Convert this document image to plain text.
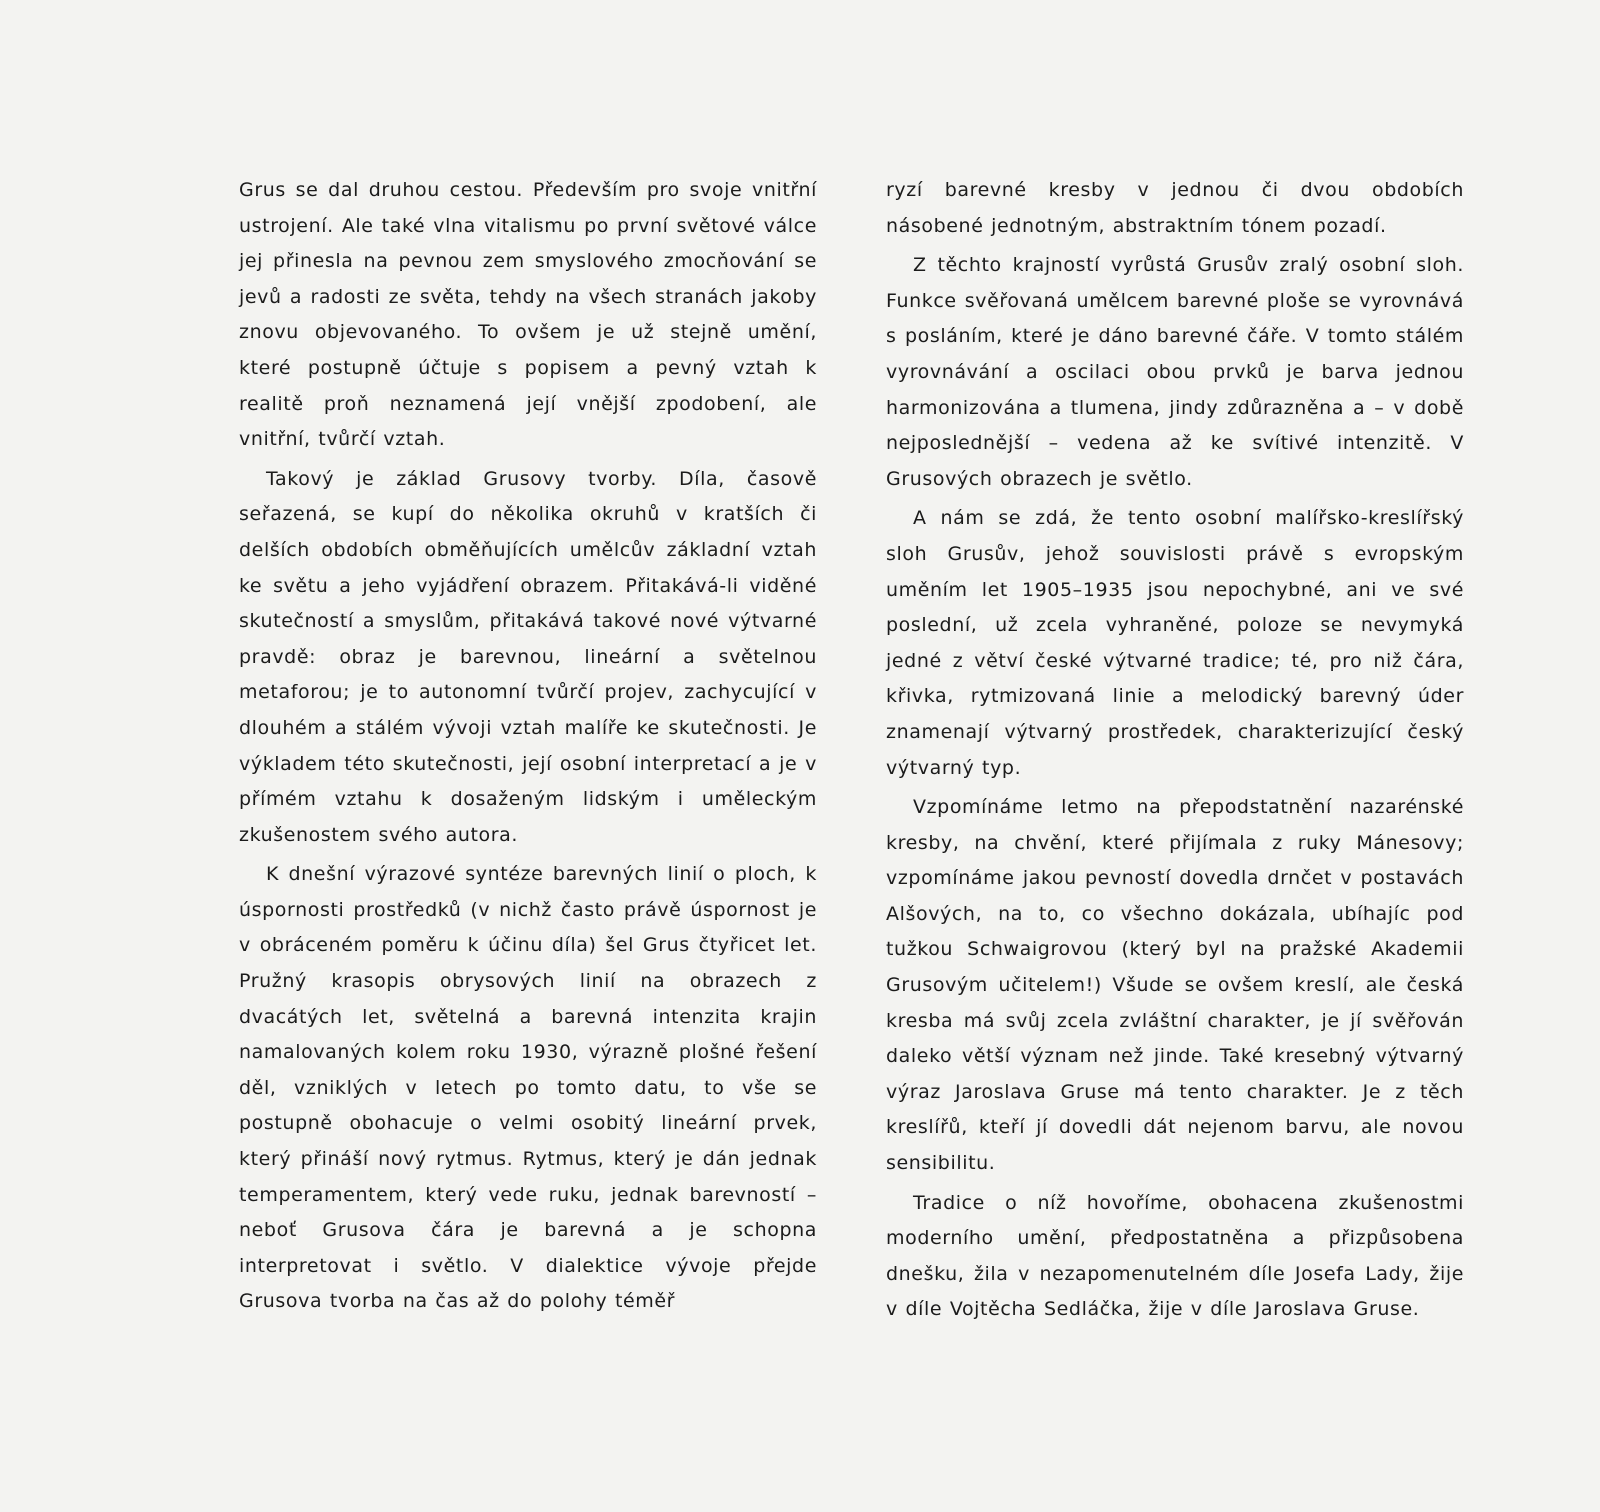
Grus se dal druhou cestou. Především pro svoje vnitřní ustrojení. Ale také vlna vitalismu po první světové válce jej přinesla na pevnou zem smyslového zmocňování se jevů a radosti ze světa, tehdy na všech stranách jakoby znovu objevovaného. To ovšem je už stejně umění, které postupně účtuje s popisem a pevný vztah k realitě proň neznamená její vnější zpodobení, ale vnitřní, tvůrčí vztah.

Takový je základ Grusovy tvorby. Díla, časově seřazená, se kupí do několika okruhů v kratších či delších obdobích obměňujících umělcův základní vztah ke světu a jeho vyjádření obrazem. Přitakává-li viděné skutečností a smyslům, přitakává takové nové výtvarné pravdě: obraz je barevnou, lineární a světelnou metaforou; je to autonomní tvůrčí projev, zachycující v dlouhém a stálém vývoji vztah malíře ke skutečnosti. Je výkladem této skutečnosti, její osobní interpretací a je v přímém vztahu k dosaženým lidským i uměleckým zkušenostem svého autora.

K dnešní výrazové syntéze barevných linií o ploch, k úspornosti prostředků (v nichž často právě úspornost je v obráceném poměru k účinu díla) šel Grus čtyřicet let. Pružný krasopis obrysových linií na obrazech z dvacátých let, světelná a barevná intenzita krajin namalovaných kolem roku 1930, výrazně plošné řešení děl, vzniklých v letech po tomto datu, to vše se postupně obohacuje o velmi osobitý lineární prvek, který přináší nový rytmus. Rytmus, který je dán jednak temperamentem, který vede ruku, jednak barevností – neboť Grusova čára je barevná a je schopna interpretovat i světlo. V dialektice vývoje přejde Grusova tvorba na čas až do polohy téměř

ryzí barevné kresby v jednou či dvou obdobích násobené jednotným, abstraktním tónem pozadí.

Z těchto krajností vyrůstá Grusův zralý osobní sloh. Funkce svěřovaná umělcem barevné ploše se vyrovnává s posláním, které je dáno barevné čáře. V tomto stálém vyrovnávání a oscilaci obou prvků je barva jednou harmonizována a tlumena, jindy zdůrazněna a – v době nejposlednější – vedena až ke svítivé intenzitě. V Grusových obrazech je světlo.

A nám se zdá, že tento osobní malířsko-kreslířský sloh Grusův, jehož souvislosti právě s evropským uměním let 1905–1935 jsou nepochybné, ani ve své poslední, už zcela vyhraněné, poloze se nevymyká jedné z větví české výtvarné tradice; té, pro niž čára, křivka, rytmizovaná linie a melodický barevný úder znamenají výtvarný prostředek, charakterizující český výtvarný typ.

Vzpomínáme letmo na přepodstatnění nazarénské kresby, na chvění, které přijímala z ruky Mánesovy; vzpomínáme jakou pevností dovedla drnčet v postavách Alšových, na to, co všechno dokázala, ubíhajíc pod tužkou Schwaigrovou (který byl na pražské Akademii Grusovým učitelem!) Všude se ovšem kreslí, ale česká kresba má svůj zcela zvláštní charakter, je jí svěřován daleko větší význam než jinde. Také kresebný výtvarný výraz Jaroslava Gruse má tento charakter. Je z těch kreslířů, kteří jí dovedli dát nejenom barvu, ale novou sensibilitu.

Tradice o níž hovoříme, obohacena zkušenostmi moderního umění, předpostatněna a přizpůsobena dnešku, žila v nezapomenutelném díle Josefa Lady, žije v díle Vojtěcha Sedláčka, žije v díle Jaroslava Gruse.
